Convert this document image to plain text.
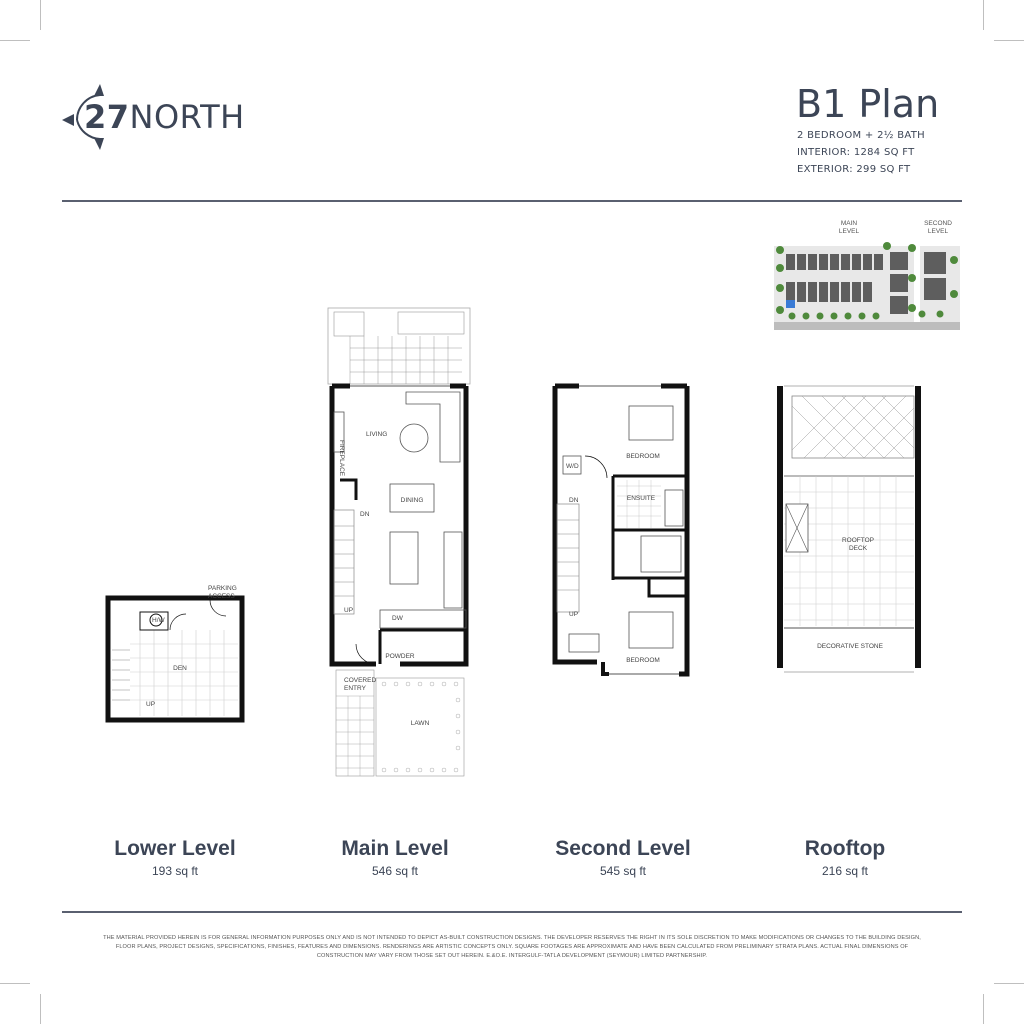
27NORTH	B1 Plan
2 BEDROOM + 2½ BATH
INTERIOR: 1284 SQ FT
EXTERIOR: 299 SQ FT
MAIN
LEVEL
SECOND
LEVEL
DEN
H/W
PARKING ACCESS
UP
LIVING
DINING
POWDER
LAWN
COVERED ENTRY
FIREPLACE
DN
UP
DW
BEDROOM
BEDROOM
ENSUITE
W/D
DN
UP
ROOFTOP DECK
DECORATIVE STONE
Lower Level
193 sq ft
Main Level
546 sq ft
Second Level
545 sq ft
Rooftop
216 sq ft
THE MATERIAL PROVIDED HEREIN IS FOR GENERAL INFORMATION PURPOSES ONLY AND IS NOT INTENDED TO DEPICT AS-BUILT CONSTRUCTION DESIGNS. THE DEVELOPER RESERVES THE RIGHT IN ITS SOLE DISCRETION TO MAKE MODIFICATIONS OR CHANGES TO THE BUILDING DESIGN, FLOOR PLANS, PROJECT DESIGNS, SPECIFICATIONS, FINISHES, FEATURES AND DIMENSIONS. RENDERINGS ARE ARTISTIC CONCEPTS ONLY. SQUARE FOOTAGES ARE APPROXIMATE AND HAVE BEEN CALCULATED FROM PRELIMINARY STRATA PLANS. ACTUAL FINAL DIMENSIONS OF CONSTRUCTION MAY VARY FROM THOSE SET OUT HEREIN. E.&O.E. INTERGULF-TATLA DEVELOPMENT (SEYMOUR) LIMITED PARTNERSHIP.
